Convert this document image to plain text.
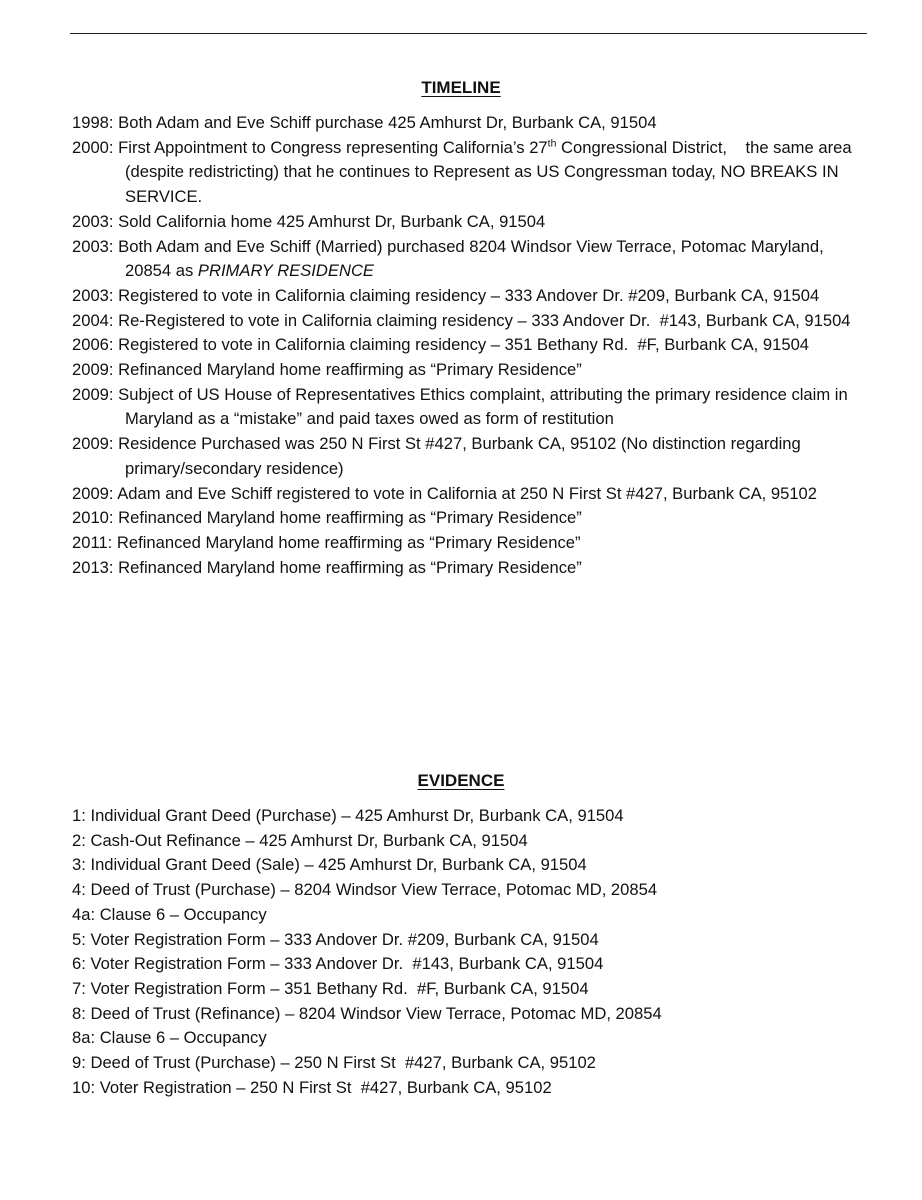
TIMELINE
1998: Both Adam and Eve Schiff purchase 425 Amhurst Dr, Burbank CA, 91504
2000: First Appointment to Congress representing California’s 27th Congressional District,    the same area (despite redistricting) that he continues to Represent as US Congressman today, NO BREAKS IN SERVICE.
2003: Sold California home 425 Amhurst Dr, Burbank CA, 91504
2003: Both Adam and Eve Schiff (Married) purchased 8204 Windsor View Terrace, Potomac Maryland, 20854 as PRIMARY RESIDENCE
2003: Registered to vote in California claiming residency – 333 Andover Dr. #209, Burbank CA, 91504
2004: Re-Registered to vote in California claiming residency – 333 Andover Dr.  #143, Burbank CA, 91504
2006: Registered to vote in California claiming residency – 351 Bethany Rd.  #F, Burbank CA, 91504
2009: Refinanced Maryland home reaffirming as “Primary Residence”
2009: Subject of US House of Representatives Ethics complaint, attributing the primary residence claim in Maryland as a “mistake” and paid taxes owed as form of restitution
2009: Residence Purchased was 250 N First St #427, Burbank CA, 95102 (No distinction regarding primary/secondary residence)
2009: Adam and Eve Schiff registered to vote in California at 250 N First St #427, Burbank CA, 95102
2010: Refinanced Maryland home reaffirming as “Primary Residence”
2011: Refinanced Maryland home reaffirming as “Primary Residence”
2013: Refinanced Maryland home reaffirming as “Primary Residence”
EVIDENCE
1: Individual Grant Deed (Purchase) – 425 Amhurst Dr, Burbank CA, 91504
2: Cash-Out Refinance – 425 Amhurst Dr, Burbank CA, 91504
3: Individual Grant Deed (Sale) – 425 Amhurst Dr, Burbank CA, 91504
4: Deed of Trust (Purchase) – 8204 Windsor View Terrace, Potomac MD, 20854
4a: Clause 6 – Occupancy
5: Voter Registration Form – 333 Andover Dr. #209, Burbank CA, 91504
6: Voter Registration Form – 333 Andover Dr.  #143, Burbank CA, 91504
7: Voter Registration Form – 351 Bethany Rd.  #F, Burbank CA, 91504
8: Deed of Trust (Refinance) – 8204 Windsor View Terrace, Potomac MD, 20854
8a: Clause 6 – Occupancy
9: Deed of Trust (Purchase) – 250 N First St  #427, Burbank CA, 95102
10: Voter Registration – 250 N First St  #427, Burbank CA, 95102
